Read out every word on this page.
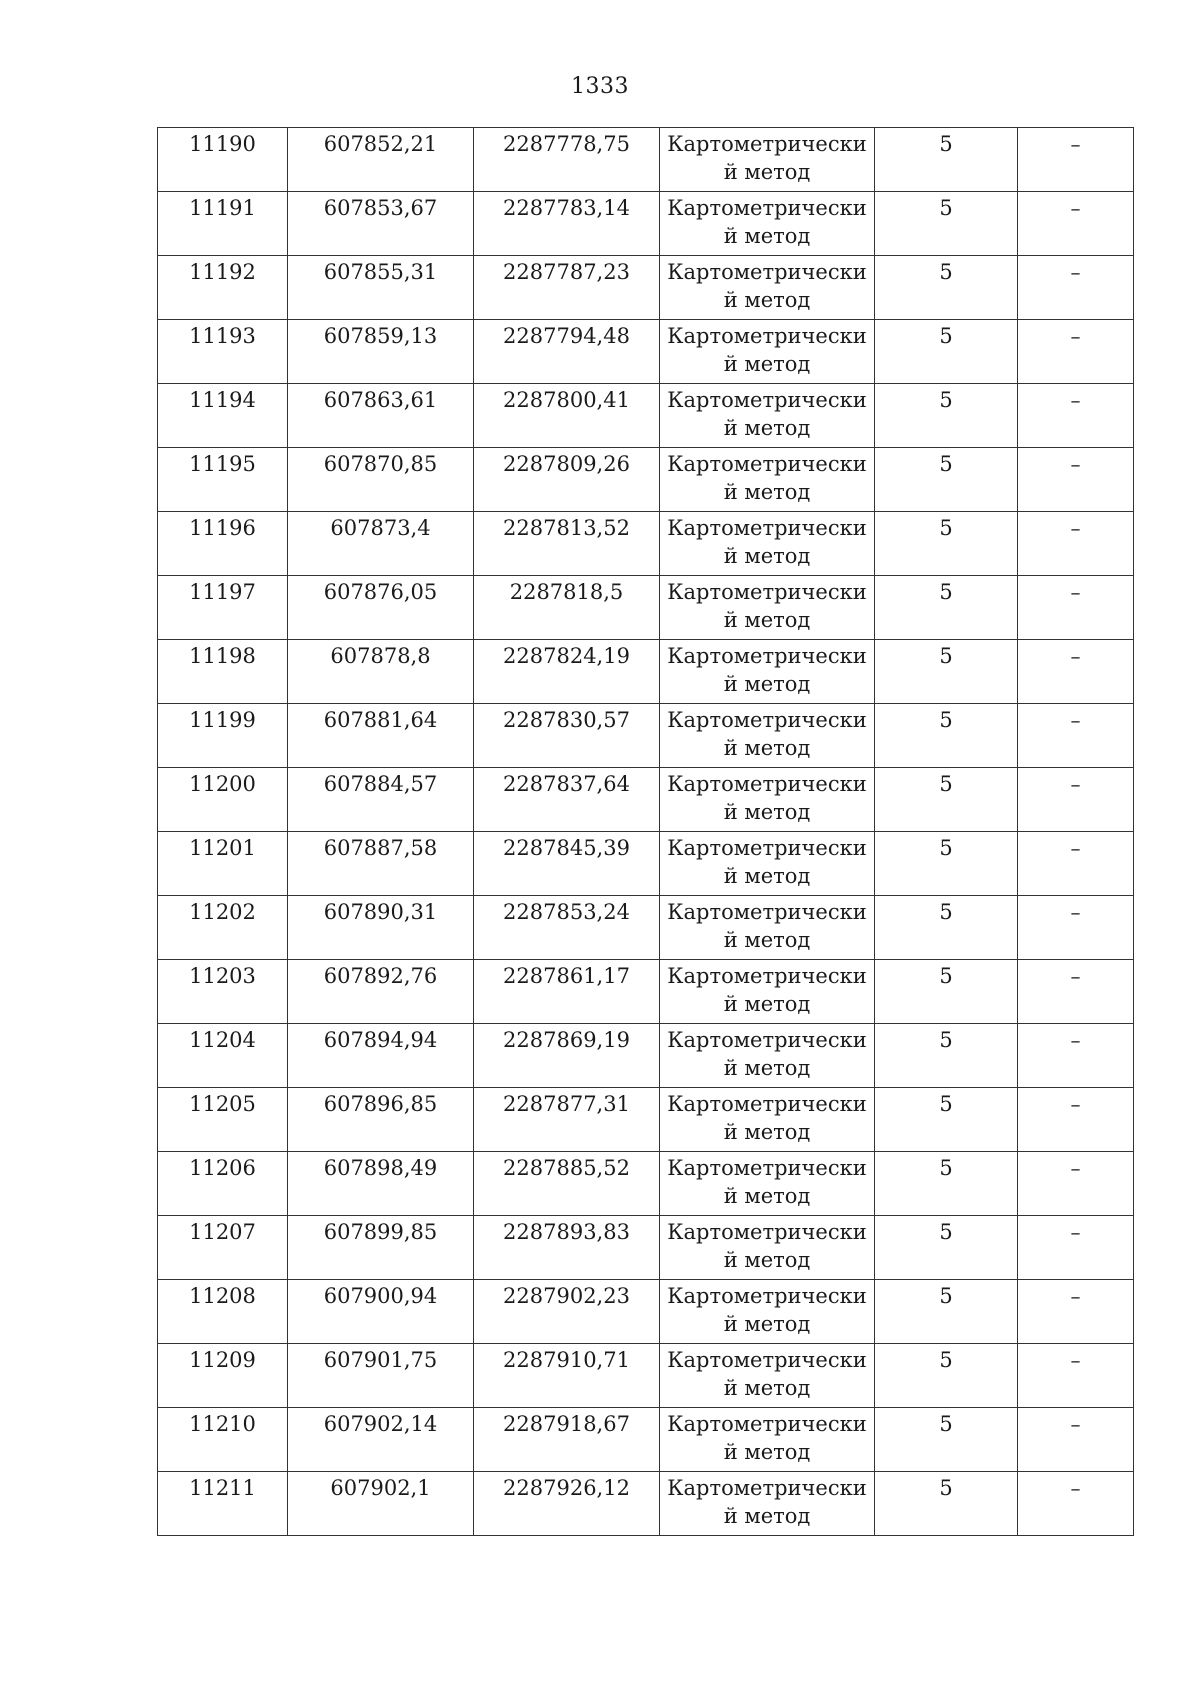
1333
11190	607852,21	2287778,75	Картометрически
й метод	5	–

11191	607853,67	2287783,14	Картометрически
й метод	5	–

11192	607855,31	2287787,23	Картометрически
й метод	5	–

11193	607859,13	2287794,48	Картометрически
й метод	5	–

11194	607863,61	2287800,41	Картометрически
й метод	5	–

11195	607870,85	2287809,26	Картометрически
й метод	5	–

11196	607873,4	2287813,52	Картометрически
й метод	5	–

11197	607876,05	2287818,5	Картометрически
й метод	5	–

11198	607878,8	2287824,19	Картометрически
й метод	5	–

11199	607881,64	2287830,57	Картометрически
й метод	5	–

11200	607884,57	2287837,64	Картометрически
й метод	5	–

11201	607887,58	2287845,39	Картометрически
й метод	5	–

11202	607890,31	2287853,24	Картометрически
й метод	5	–

11203	607892,76	2287861,17	Картометрически
й метод	5	–

11204	607894,94	2287869,19	Картометрически
й метод	5	–

11205	607896,85	2287877,31	Картометрически
й метод	5	–

11206	607898,49	2287885,52	Картометрически
й метод	5	–

11207	607899,85	2287893,83	Картометрически
й метод	5	–

11208	607900,94	2287902,23	Картометрически
й метод	5	–

11209	607901,75	2287910,71	Картометрически
й метод	5	–

11210	607902,14	2287918,67	Картометрически
й метод	5	–

11211	607902,1	2287926,12	Картометрически
й метод	5	–
